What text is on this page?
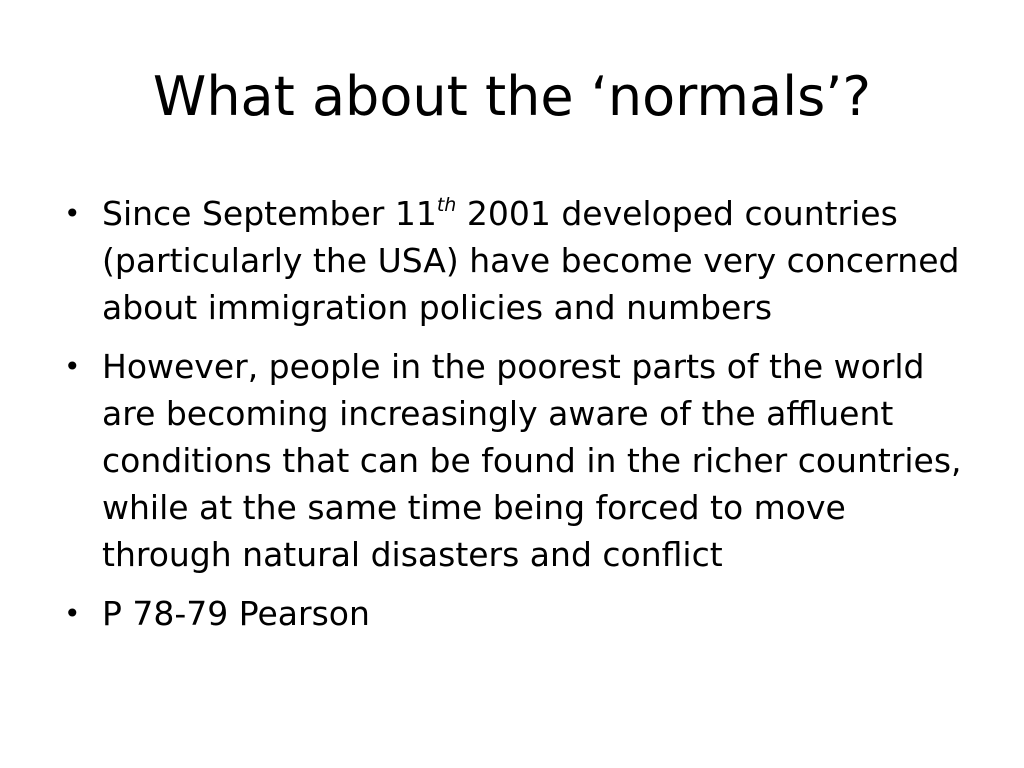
What about the ‘normals’?
• Since September 11th 2001 developed countries (particularly the USA) have become very concerned about immigration policies and numbers
• However, people in the poorest parts of the world are becoming increasingly aware of the affluent conditions that can be found in the richer countries, while at the same time being forced to move through natural disasters and conflict
• P 78-79 Pearson
